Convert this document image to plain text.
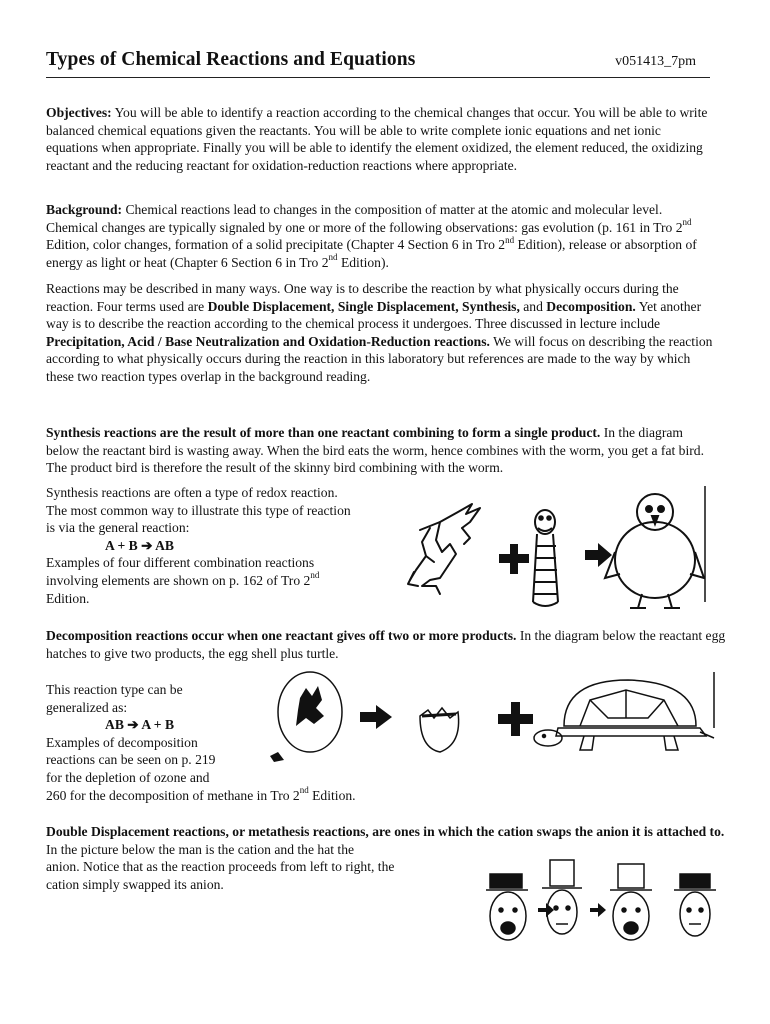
Types of Chemical Reactions and Equations	v051413_7pm

Objectives: You will be able to identify a reaction according to the chemical changes that occur. You will be able to write balanced chemical equations given the reactants. You will be able to write complete ionic equations and net ionic equations when appropriate. Finally you will be able to identify the element oxidized, the element reduced, the oxidizing reactant and the reducing reactant for oxidation-reduction reactions where appropriate.

Background: Chemical reactions lead to changes in the composition of matter at the atomic and molecular level. Chemical changes are typically signaled by one or more of the following observations: gas evolution (p. 161 in Tro 2nd Edition, color changes, formation of a solid precipitate (Chapter 4 Section 6 in Tro 2nd Edition), release or absorption of energy as light or heat (Chapter 6 Section 6 in Tro 2nd Edition).

Reactions may be described in many ways. One way is to describe the reaction by what physically occurs during the reaction. Four terms used are Double Displacement, Single Displacement, Synthesis, and Decomposition. Yet another way is to describe the reaction according to the chemical process it undergoes. Three discussed in lecture include Precipitation, Acid / Base Neutralization and Oxidation-Reduction reactions. We will focus on describing the reaction according to what physically occurs during the reaction in this laboratory but references are made to the way by which these two reaction types overlap in the background reading.

Synthesis reactions are the result of more than one reactant combining to form a single product. In the diagram below the reactant bird is wasting away. When the bird eats the worm, hence combines with the worm, you get a fat bird. The product bird is therefore the result of the skinny bird combining with the worm.

Synthesis reactions are often a type of redox reaction.

The most common way to illustrate this type of reaction

is via the general reaction:

A + B ➔ AB

Examples of four different combination reactions

involving elements are shown on p. 162 of Tro 2nd

Edition.

Decomposition reactions occur when one reactant gives off two or more products. In the diagram below the reactant egg hatches to give two products, the egg shell plus turtle.

This reaction type can be

generalized as:

AB ➔ A + B

Examples of decomposition

reactions can be seen on p. 219

for the depletion of ozone and

260 for the decomposition of methane in Tro 2nd Edition.

Double Displacement reactions, or metathesis reactions, are ones in which the cation swaps the anion it is attached to. In the picture below the man is the cation and the hat the

anion. Notice that as the reaction proceeds from left to right, the

cation simply swapped its anion.
